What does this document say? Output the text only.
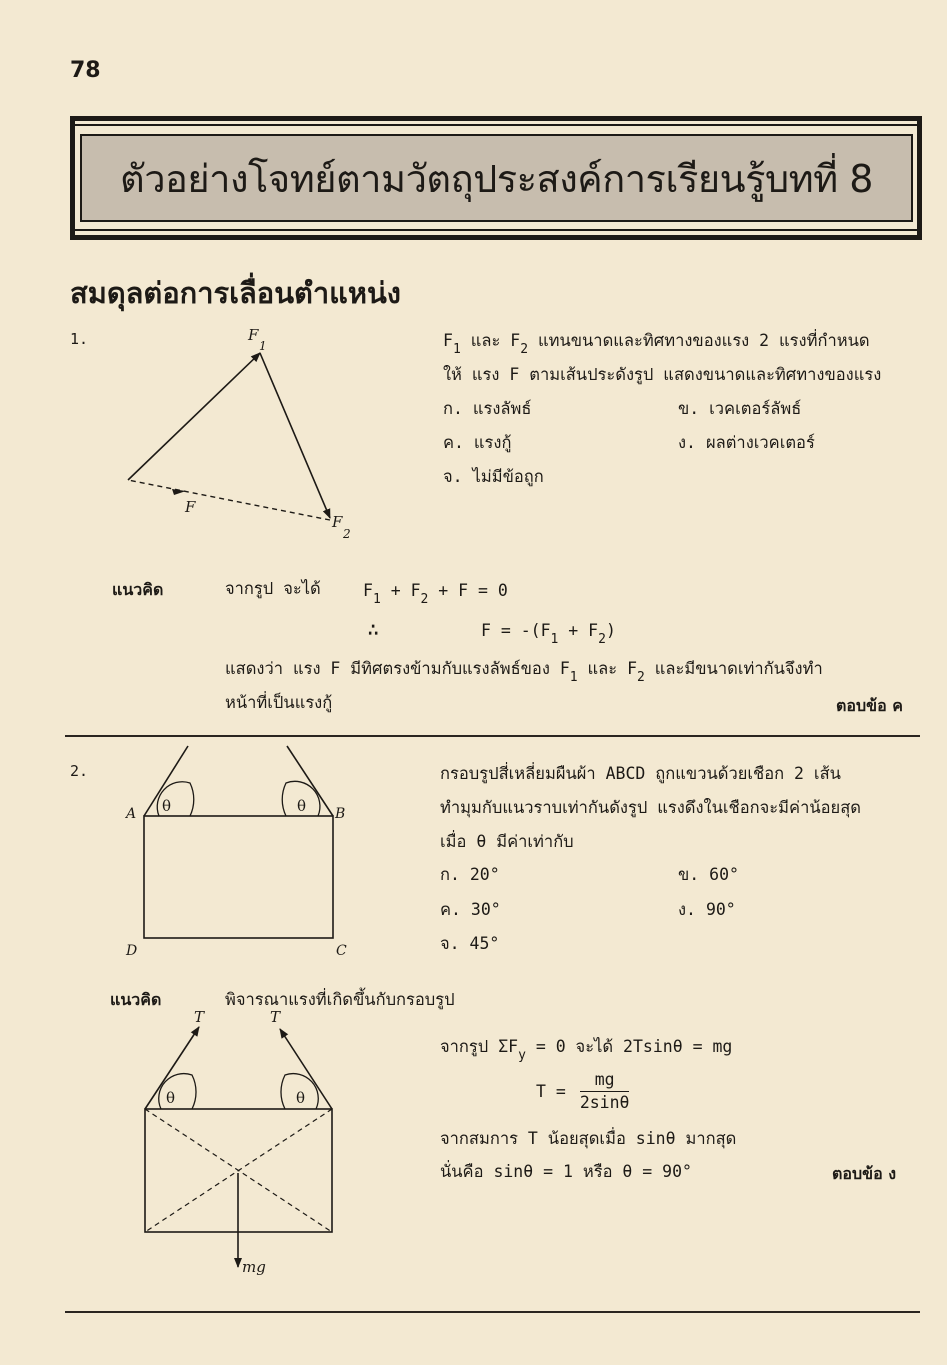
78
ตัวอย่างโจทย์ตามวัตถุประสงค์การเรียนรู้บทที่ 8
สมดุลต่อการเลื่อนตำแหน่ง
1.	F
1
F
2
F
$F_1$ และ $F_2$ แทนขนาดและทิศทางของแรง 2 แรงที่กำหนด
ให้ แรง F ตามเส้นประดังรูป แสดงขนาดและทิศทางของแรง
ก. แรงลัพธ์	ข. เวคเตอร์ลัพธ์
ค. แรงกู้	ง. ผลต่างเวคเตอร์
จ. ไม่มีข้อถูก
แนวคิด	จากรูป จะได้	$F_1 + F_2 + F = 0$
∴	$F = -(F_1 + F_2)$
แสดงว่า แรง F มีทิศตรงข้ามกับแรงลัพธ์ของ $F_1$ และ $F_2$ และมีขนาดเท่ากันจึงทำ
หน้าที่เป็นแรงกู้	ตอบข้อ ค
2.
θ	θ
A	B
C
D
กรอบรูปสี่เหลี่ยมผืนผ้า ABCD ถูกแขวนด้วยเชือก 2 เส้น
ทำมุมกับแนวราบเท่ากันดังรูป แรงดึงในเชือกจะมีค่าน้อยสุด
เมื่อ θ มีค่าเท่ากับ
ก. 20°	ข. 60°
ค. 30°	ง. 90°
จ. 45°
แนวคิด	พิจารณาแรงที่เกิดขึ้นกับกรอบรูป
θ	θ
T	T
mg
จากรูป $\Sigma F_y = 0$ จะได้ 2Tsinθ = mg
$T = \frac{mg}{2\sin\theta}$
จากสมการ T น้อยสุดเมื่อ sinθ มากสุด
นั่นคือ sinθ = 1 หรือ θ = 90°	ตอบข้อ ง
